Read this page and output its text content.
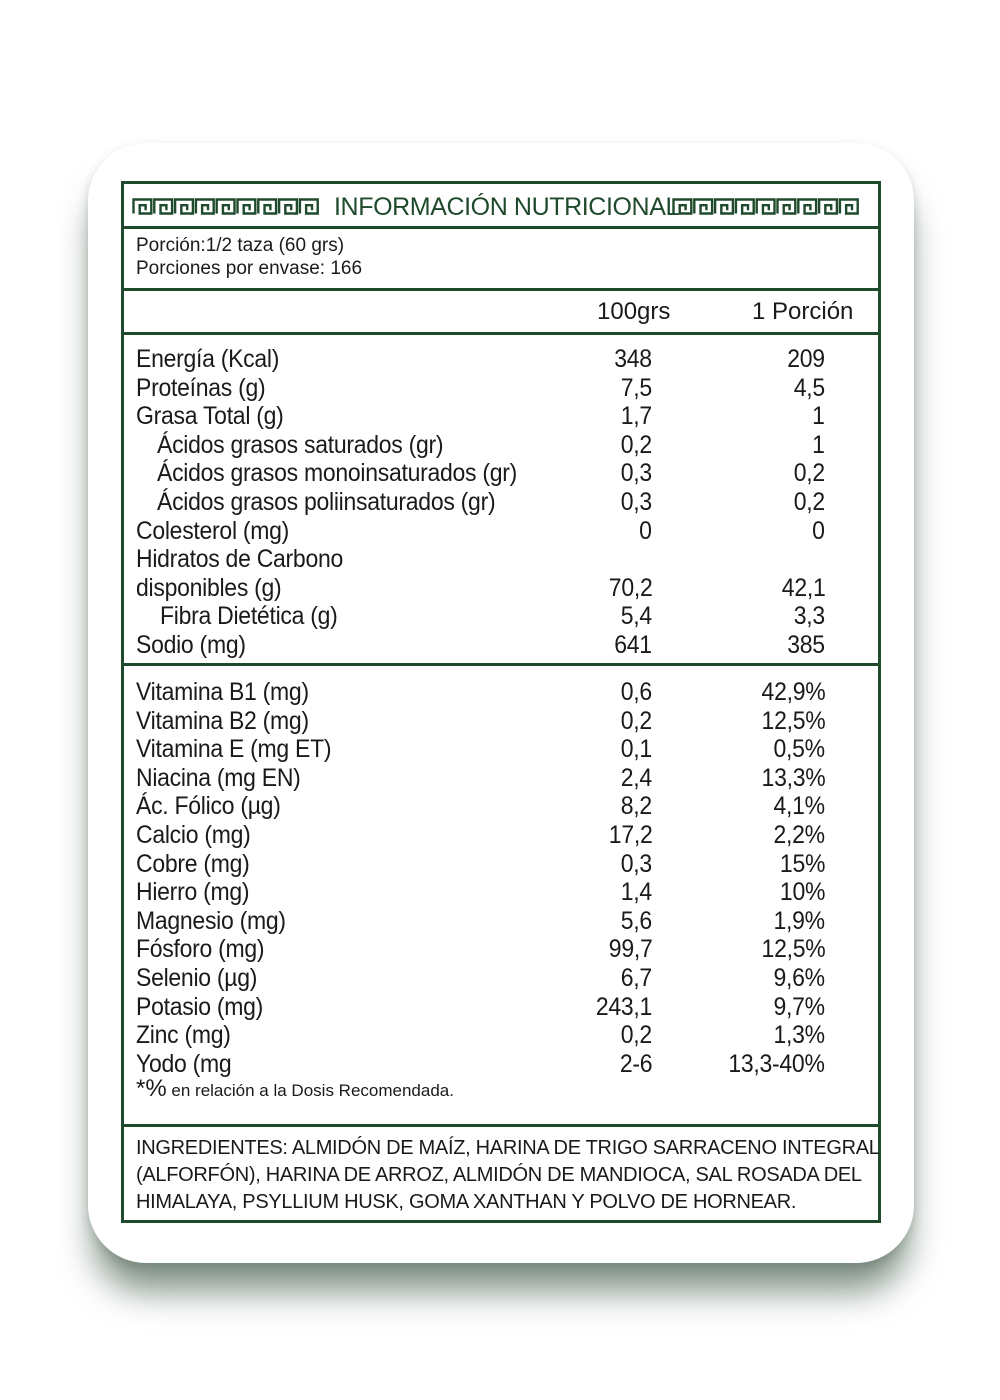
INFORMACIÓN NUTRICIONAL
Porción:1/2 taza (60 grs)
Porciones por envase: 166
100grs	1 Porción
Energía (Kcal)	348	209
Proteínas (g)	7,5	4,5
Grasa Total (g)	1,7	1
Ácidos grasos saturados (gr)	0,2	1
Ácidos grasos monoinsaturados (gr)	0,3	0,2
Ácidos grasos poliinsaturados (gr)	0,3	0,2
Colesterol (mg)	0	0
Hidratos de Carbono
disponibles (g)	70,2	42,1
Fibra Dietética (g)	5,4	3,3
Sodio (mg)	641	385
Vitamina B1 (mg)	0,6	42,9%
Vitamina B2 (mg)	0,2	12,5%
Vitamina E (mg ET)	0,1	0,5%
Niacina (mg EN)	2,4	13,3%
Ác. Fólico (µg)	8,2	4,1%
Calcio (mg)	17,2	2,2%
Cobre (mg)	0,3	15%
Hierro (mg)	1,4	10%
Magnesio (mg)	5,6	1,9%
Fósforo (mg)	99,7	12,5%
Selenio (µg)	6,7	9,6%
Potasio (mg)	243,1	9,7%
Zinc (mg)	0,2	1,3%
Yodo (mg	2-6	13,3-40%
*% en relación a la Dosis Recomendada.
INGREDIENTES: ALMIDÓN DE MAÍZ, HARINA DE TRIGO SARRACENO INTEGRAL
(ALFORFÓN), HARINA DE ARROZ, ALMIDÓN DE MANDIOCA, SAL ROSADA DEL
HIMALAYA, PSYLLIUM HUSK, GOMA XANTHAN Y POLVO DE HORNEAR.
